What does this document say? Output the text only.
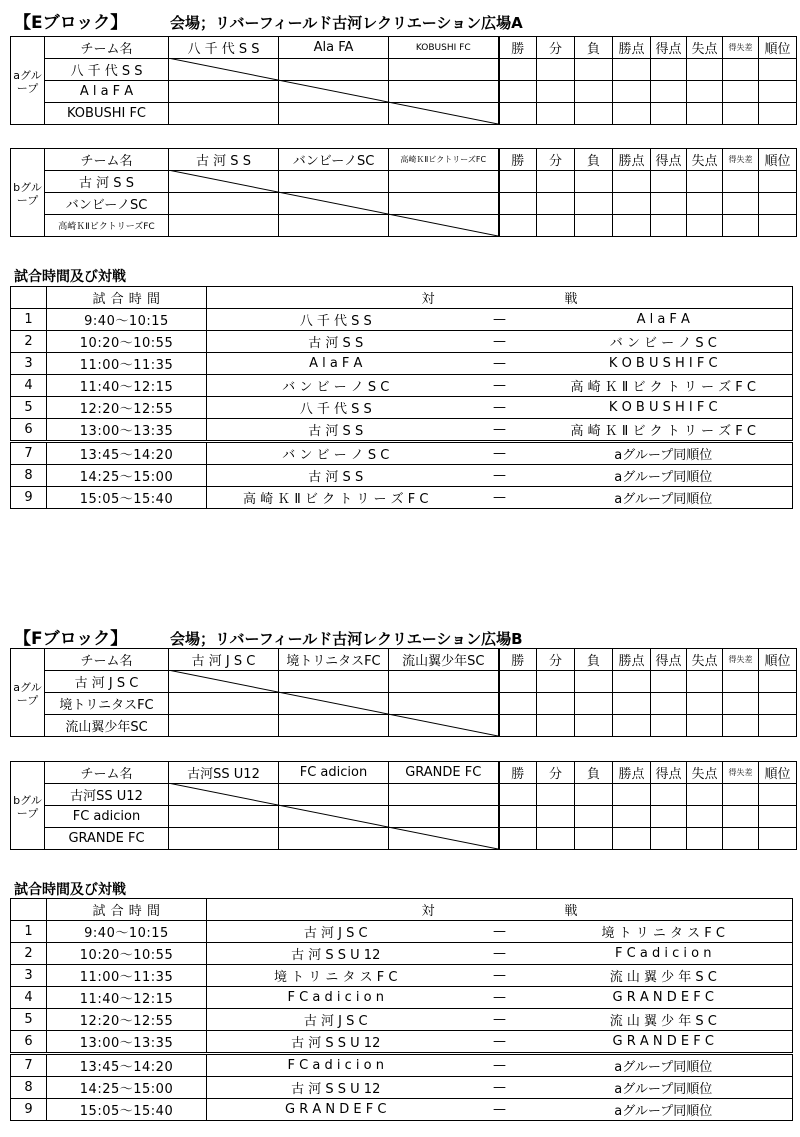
【Eブロック】	会場；リバーフィールド古河レクリエーション広場A
aグループ	チーム名	八 千 代 S S	Ala FA	KOBUSHI FC	勝	分	負	勝点	得点	失点	得失差	順位
	八 千 代 S S											
	A l a F A											
	KOBUSHI FC											
bグループ	チーム名	古 河 S S	バンビーノSC	高崎ＫⅡビクトリーズFC	勝	分	負	勝点	得点	失点	得失差	順位
	古 河 S S											
	バンビーノSC											
	高崎ＫⅡビクトリーズFC											
試合時間及び対戦
	試 合 時 間	対		戦
1	9:40〜10:15	八 千 代 S S	—	A l a F A
2	10:20〜10:55	古 河 S S	—	バ ン ビ ー ノ S C
3	11:00〜11:35	A l a F A	—	K O B U S H I F C
4	11:40〜12:15	バ ン ビ ー ノ S C	—	高 崎 Ｋ Ⅱ ビ ク ト リ ー ズ F C
5	12:20〜12:55	八 千 代 S S	—	K O B U S H I F C
6	13:00〜13:35	古 河 S S	—	高 崎 Ｋ Ⅱ ビ ク ト リ ー ズ F C
7	13:45〜14:20	バ ン ビ ー ノ S C	—	aグループ同順位
8	14:25〜15:00	古 河 S S	—	aグループ同順位
9	15:05〜15:40	高 崎 Ｋ Ⅱ ビ ク ト リ ー ズ F C	—	aグループ同順位
【Fブロック】	会場；リバーフィールド古河レクリエーション広場B
aグループ	チーム名	古 河 J S C	境トリニタスFC	流山翼少年SC	勝	分	負	勝点	得点	失点	得失差	順位
	古 河 J S C											
	境トリニタスFC											
	流山翼少年SC											
bグループ	チーム名	古河SS U12	FC adicion	GRANDE FC	勝	分	負	勝点	得点	失点	得失差	順位
	古河SS U12											
	FC adicion											
	GRANDE FC											
試合時間及び対戦
	試 合 時 間	対		戦
1	9:40〜10:15	古 河 J S C	—	境 ト リ ニ タ ス F C
2	10:20〜10:55	古 河 S S U 12	—	F C a d i c i o n
3	11:00〜11:35	境 ト リ ニ タ ス F C	—	流 山 翼 少 年 S C
4	11:40〜12:15	F C a d i c i o n	—	G R A N D E F C
5	12:20〜12:55	古 河 J S C	—	流 山 翼 少 年 S C
6	13:00〜13:35	古 河 S S U 12	—	G R A N D E F C
7	13:45〜14:20	F C a d i c i o n	—	aグループ同順位
8	14:25〜15:00	古 河 S S U 12	—	aグループ同順位
9	15:05〜15:40	G R A N D E F C	—	aグループ同順位
